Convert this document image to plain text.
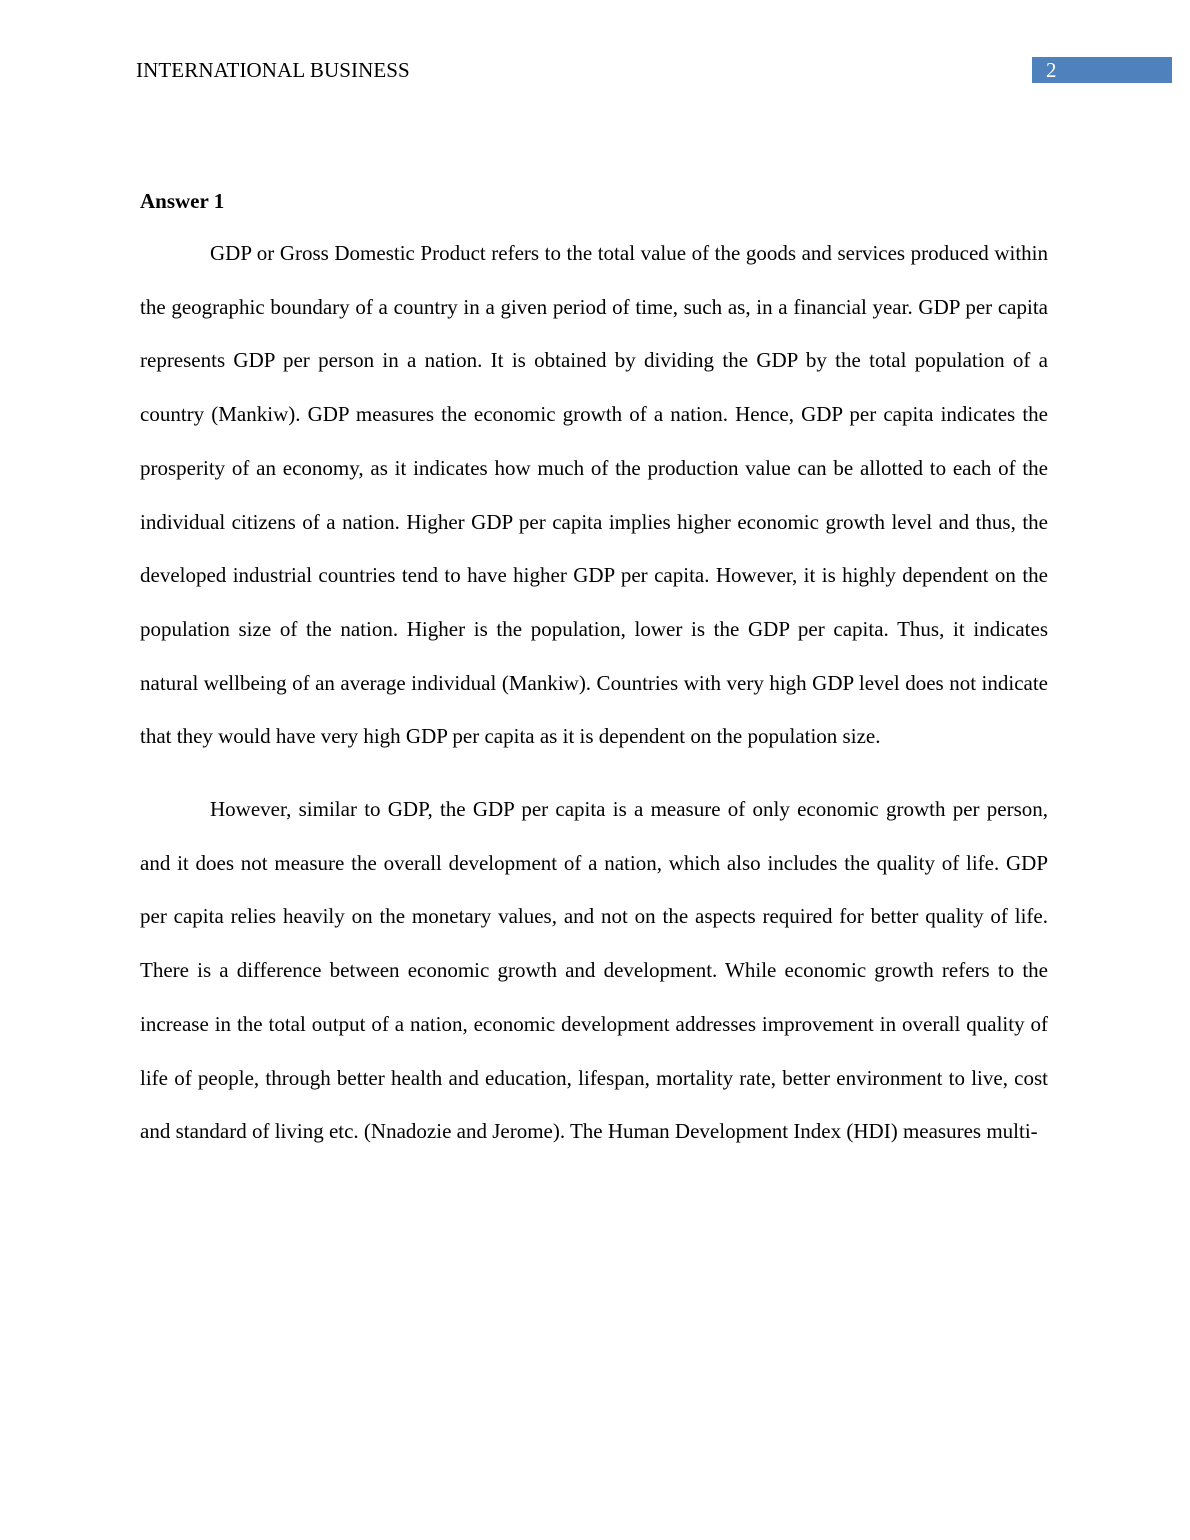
INTERNATIONAL BUSINESS	2
Answer 1

GDP or Gross Domestic Product refers to the total value of the goods and services produced within the geographic boundary of a country in a given period of time, such as, in a financial year. GDP per capita represents GDP per person in a nation. It is obtained by dividing the GDP by the total population of a country (Mankiw). GDP measures the economic growth of a nation. Hence, GDP per capita indicates the prosperity of an economy, as it indicates how much of the production value can be allotted to each of the individual citizens of a nation. Higher GDP per capita implies higher economic growth level and thus, the developed industrial countries tend to have higher GDP per capita. However, it is highly dependent on the population size of the nation. Higher is the population, lower is the GDP per capita. Thus, it indicates natural wellbeing of an average individual (Mankiw). Countries with very high GDP level does not indicate that they would have very high GDP per capita as it is dependent on the population size.

However, similar to GDP, the GDP per capita is a measure of only economic growth per person, and it does not measure the overall development of a nation, which also includes the quality of life. GDP per capita relies heavily on the monetary values, and not on the aspects required for better quality of life. There is a difference between economic growth and development. While economic growth refers to the increase in the total output of a nation, economic development addresses improvement in overall quality of life of people, through better health and education, lifespan, mortality rate, better environment to live, cost and standard of living etc. (Nnadozie and Jerome). The Human Development Index (HDI) measures multi-
